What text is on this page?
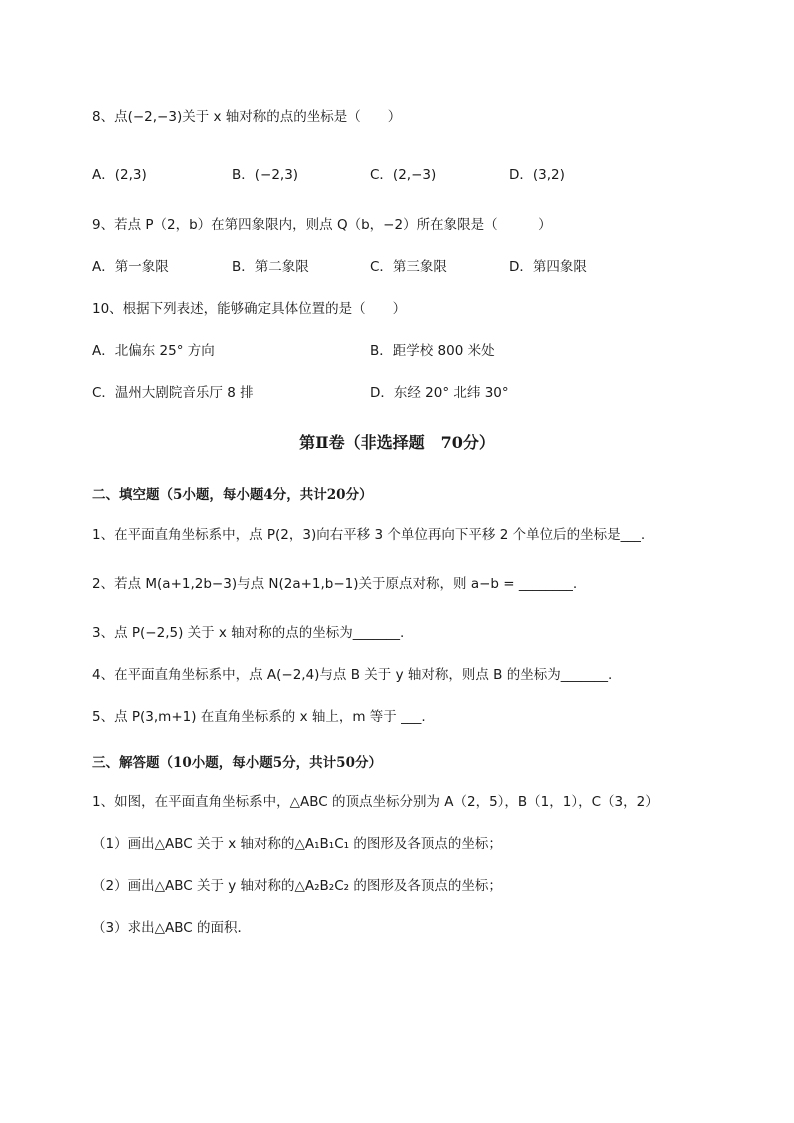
8、点(−2,−3)关于 x 轴对称的点的坐标是（　　）
A．(2,3)	B．(−2,3)	C．(2,−3)	D．(3,2)
9、若点 P（2，b）在第四象限内，则点 Q（b，−2）所在象限是（　　　）
A．第一象限	B．第二象限	C．第三象限	D．第四象限
10、根据下列表述，能够确定具体位置的是（　　）
A．北偏东 25° 方向	B．距学校 800 米处
C．温州大剧院音乐厅 8 排	D．东经 20° 北纬 30°
第Ⅱ卷（非选择题　70分）
二、填空题（5小题，每小题4分，共计20分）
1、在平面直角坐标系中，点 P(2，3)向右平移 3 个单位再向下平移 2 个单位后的坐标是___.
2、若点 M(a+1,2b−3)与点 N(2a+1,b−1)关于原点对称，则 a−b = ________.
3、点 P(−2,5) 关于 x 轴对称的点的坐标为_______.
4、在平面直角坐标系中，点 A(−2,4)与点 B 关于 y 轴对称，则点 B 的坐标为_______.
5、点 P(3,m+1) 在直角坐标系的 x 轴上，m 等于 ___.
三、解答题（10小题，每小题5分，共计50分）
1、如图，在平面直角坐标系中，△ABC 的顶点坐标分别为 A（2，5），B（1，1），C（3，2）
（1）画出△ABC 关于 x 轴对称的△A₁B₁C₁ 的图形及各顶点的坐标；
（2）画出△ABC 关于 y 轴对称的△A₂B₂C₂ 的图形及各顶点的坐标；
（3）求出△ABC 的面积．
